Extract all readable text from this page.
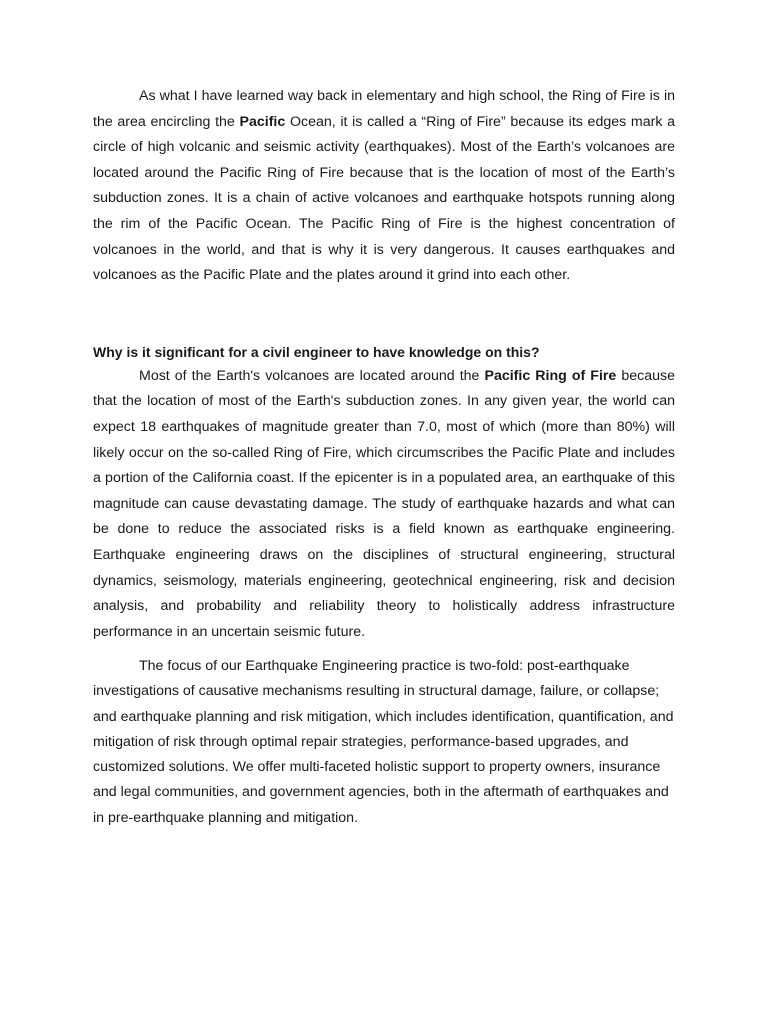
As what I have learned way back in elementary and high school, the Ring of Fire is in the area encircling the Pacific Ocean, it is called a “Ring of Fire” because its edges mark a circle of high volcanic and seismic activity (earthquakes). Most of the Earth’s volcanoes are located around the Pacific Ring of Fire because that is the location of most of the Earth’s subduction zones. It is a chain of active volcanoes and earthquake hotspots running along the rim of the Pacific Ocean. The Pacific Ring of Fire is the highest concentration of volcanoes in the world, and that is why it is very dangerous. It causes earthquakes and volcanoes as the Pacific Plate and the plates around it grind into each other.

Why is it significant for a civil engineer to have knowledge on this?

Most of the Earth's volcanoes are located around the Pacific Ring of Fire because that the location of most of the Earth's subduction zones. In any given year, the world can expect 18 earthquakes of magnitude greater than 7.0, most of which (more than 80%) will likely occur on the so-called Ring of Fire, which circumscribes the Pacific Plate and includes a portion of the California coast. If the epicenter is in a populated area, an earthquake of this magnitude can cause devastating damage. The study of earthquake hazards and what can be done to reduce the associated risks is a field known as earthquake engineering. Earthquake engineering draws on the disciplines of structural engineering, structural dynamics, seismology, materials engineering, geotechnical engineering, risk and decision analysis, and probability and reliability theory to holistically address infrastructure performance in an uncertain seismic future.

The focus of our Earthquake Engineering practice is two-fold: post-earthquake investigations of causative mechanisms resulting in structural damage, failure, or collapse; and earthquake planning and risk mitigation, which includes identification, quantification, and mitigation of risk through optimal repair strategies, performance-based upgrades, and customized solutions. We offer multi-faceted holistic support to property owners, insurance and legal communities, and government agencies, both in the aftermath of earthquakes and in pre-earthquake planning and mitigation.
